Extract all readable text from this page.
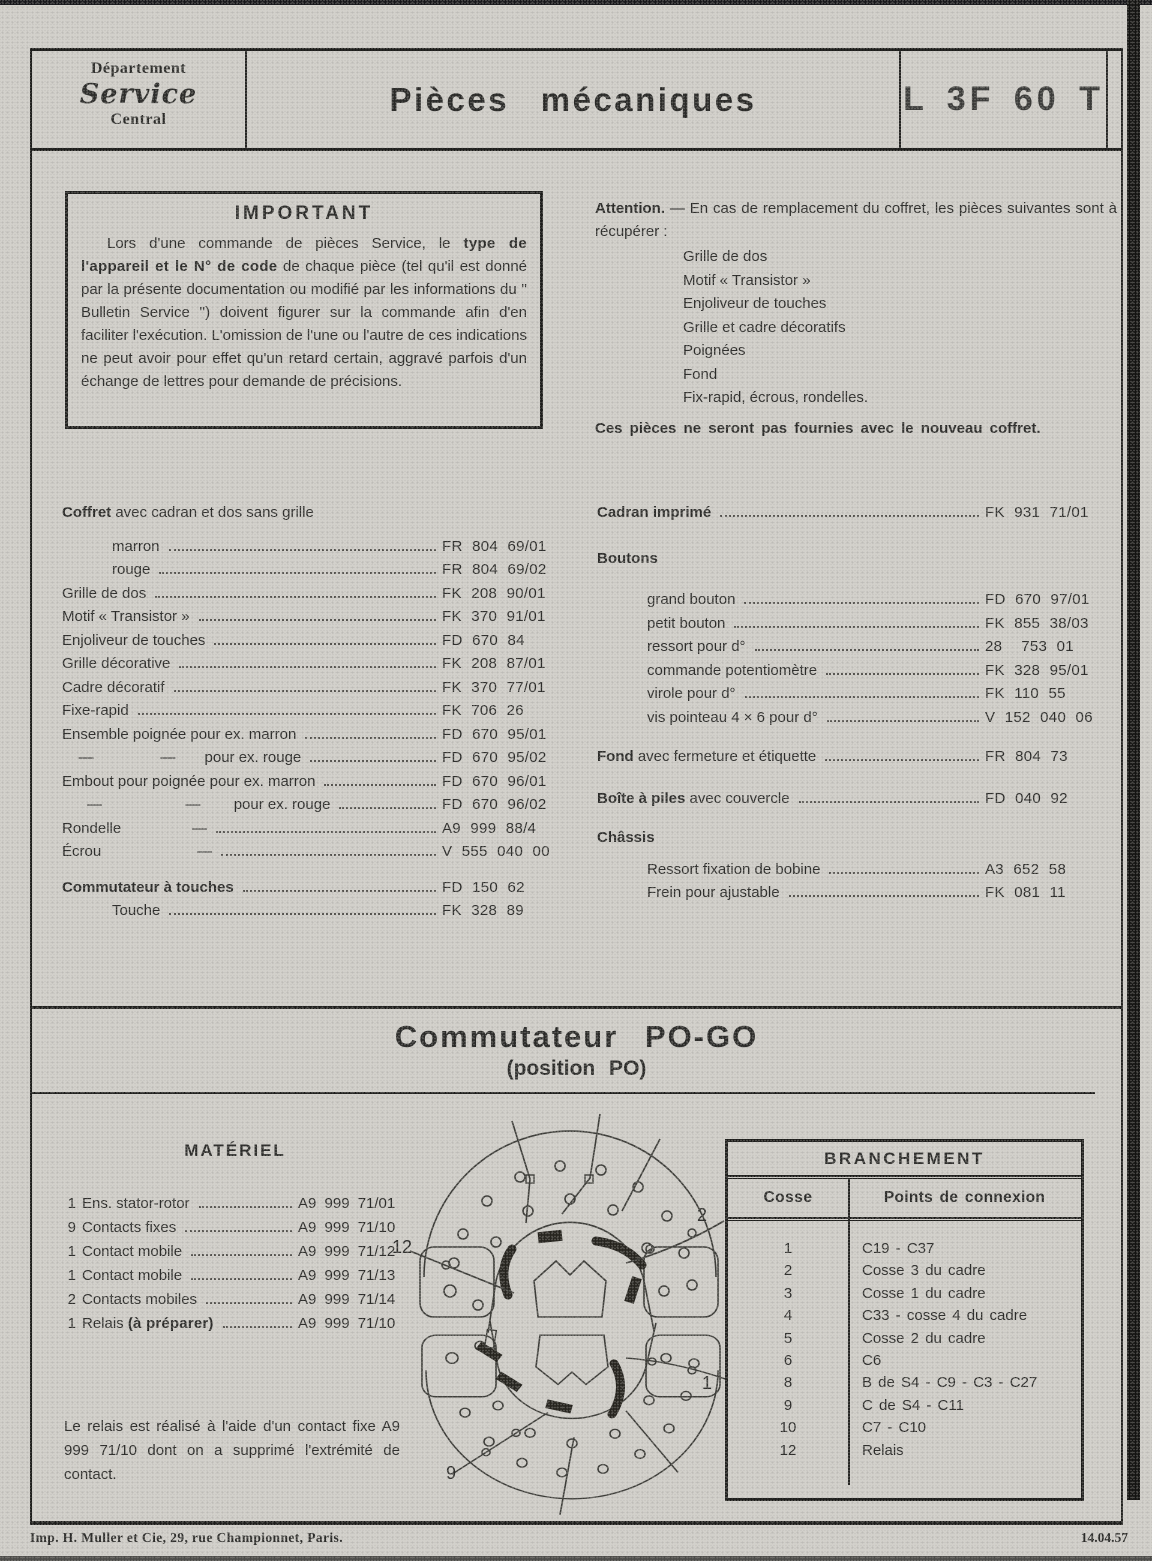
Département
Service
Central
Pièces mécaniques	L 3F 60 T
IMPORTANT
Lors d'une commande de pièces Service, le type de l'appareil et le N° de code de chaque pièce (tel qu'il est donné par la présente documentation ou modifié par les informations du '' Bulletin Service '') doivent figurer sur la commande afin d'en faciliter l'exécution. L'omission de l'une ou l'autre de ces indications ne peut avoir pour effet qu'un retard certain, aggravé parfois d'un échange de lettres pour demande de précisions.
Attention. — En cas de remplacement du coffret, les pièces suivantes sont à récupérer :
Grille de dos
Motif « Transistor »
Enjoliveur de touches
Grille et cadre décoratifs
Poignées
Fond
Fix-rapid, écrous, rondelles.
Ces pièces ne seront pas fournies avec le nouveau coffret.
Coffret avec cadran et dos sans grille
marron	FR 804 69/01
rouge	FR 804 69/02
Grille de dos	FK 208 90/01
Motif « Transistor »	FK 370 91/01
Enjoliveur de touches	FD 670 84
Grille décorative	FK 208 87/01
Cadre décoratif	FK 370 77/01
Fixe-rapid	FK 706 26
Ensemble poignée pour ex. marron	FD 670 95/01
—                —       pour ex. rouge	FD 670 95/02
Embout pour poignée pour ex. marron	FD 670 96/01
—                    —        pour ex. rouge	FD 670 96/02
Rondelle                 —	A9 999 88/4
Écrou                       —	V 555 040 00
Commutateur à touches	FD 150 62
Touche	FK 328 89
Cadran imprimé	FK 931 71/01
Boutons
grand bouton	FD 670 97/01
petit bouton	FK 855 38/03
ressort pour d°	28  753 01
commande potentiomètre	FK 328 95/01
virole pour d°	FK 110 55
vis pointeau 4 × 6 pour d°	V 152 040 06
Fond avec fermeture et étiquette	FR 804 73
Boîte à piles avec couvercle	FD 040 92
Châssis
Ressort fixation de bobine	A3 652 58
Frein pour ajustable	FK 081 11
Commutateur PO-GO
(position PO)
MATÉRIEL
1 Ens. stator-rotor	A9 999 71/01
9 Contacts fixes	A9 999 71/10
1 Contact mobile	A9 999 71/12
1 Contact mobile	A9 999 71/13
2 Contacts mobiles	A9 999 71/14
1 Relais (à préparer)	A9 999 71/10
Le relais est réalisé à l'aide d'un contact fixe A9 999 71/10 dont on a supprimé l'extrémité de contact.
12
2
1
9
BRANCHEMENT
Cosse	Points de connexion
1	C19 - C37
2	Cosse 3 du cadre
3	Cosse 1 du cadre
4	C33 - cosse 4 du cadre
5	Cosse 2 du cadre
6	C6
8	B de S4 - C9 - C3 - C27
9	C de S4 - C11
10	C7 - C10
12	Relais
Imp. H. Muller et Cie, 29, rue Championnet, Paris.	14.04.57
